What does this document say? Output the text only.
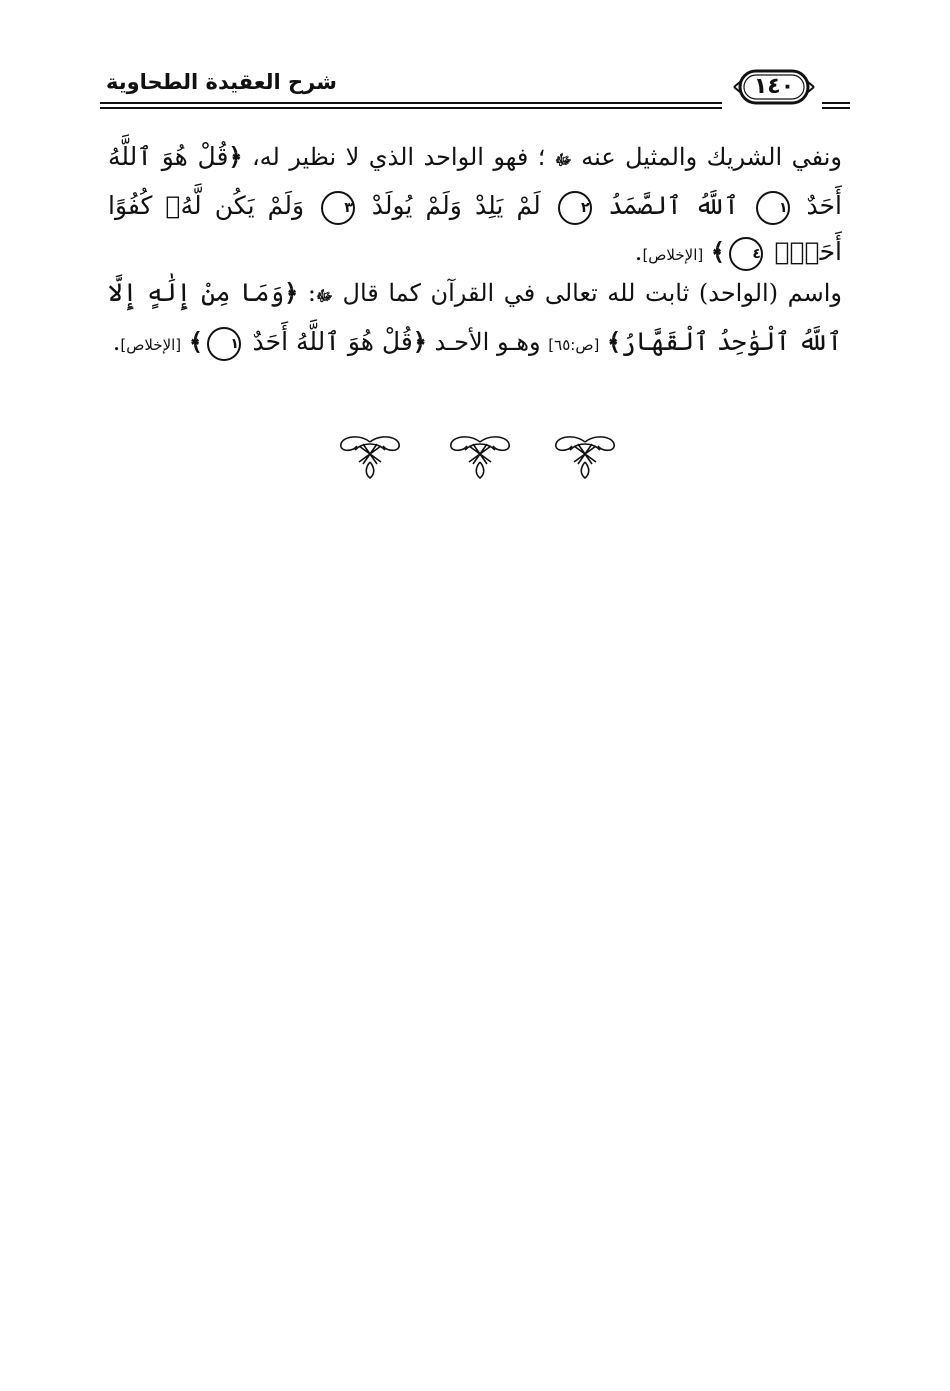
شرح العقيدة الطحاوية	١٤٠
ونفي الشريك والمثيل عنه ﷻ ؛ فهو الواحد الذي لا نظير له، ﴿قُلْ هُوَ ٱللَّهُ أَحَدٌ ١ ٱللَّهُ ٱلصَّمَدُ ٢ لَمْ يَلِدْ وَلَمْ يُولَدْ ٣ وَلَمْ يَكُن لَّهُۥ كُفُوًا أَحَدٌۢ ٤﴾ [الإخلاص].
واسم (الواحد) ثابت لله تعالى في القرآن كما قال ﷻ: ﴿وَمَا مِنْ إِلَٰهٍ إِلَّا ٱللَّهُ ٱلْوَٰحِدُ ٱلْقَهَّارُ﴾ [ص:٦٥] وهـو الأحـد ﴿قُلْ هُوَ ٱللَّهُ أَحَدٌ ١﴾ [الإخلاص].
